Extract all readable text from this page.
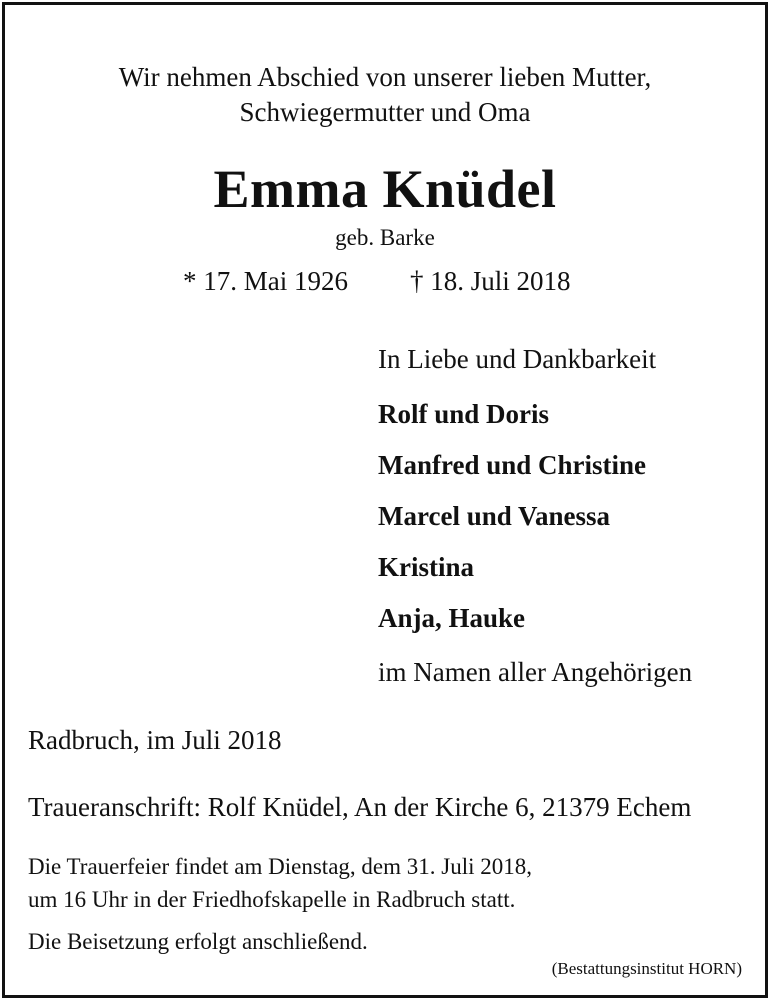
Wir nehmen Abschied von unserer lieben Mutter,
Schwiegermutter und Oma
Emma Knüdel
geb. Barke
* 17. Mai 1926 † 18. Juli 2018
In Liebe und Dankbarkeit
Rolf und Doris
Manfred und Christine
Marcel und Vanessa
Kristina
Anja, Hauke
im Namen aller Angehörigen
Radbruch, im Juli 2018
Traueranschrift: Rolf Knüdel, An der Kirche 6, 21379 Echem
Die Trauerfeier findet am Dienstag, dem 31. Juli 2018,
um 16 Uhr in der Friedhofskapelle in Radbruch statt.
Die Beisetzung erfolgt anschließend.
(Bestattungsinstitut HORN)
